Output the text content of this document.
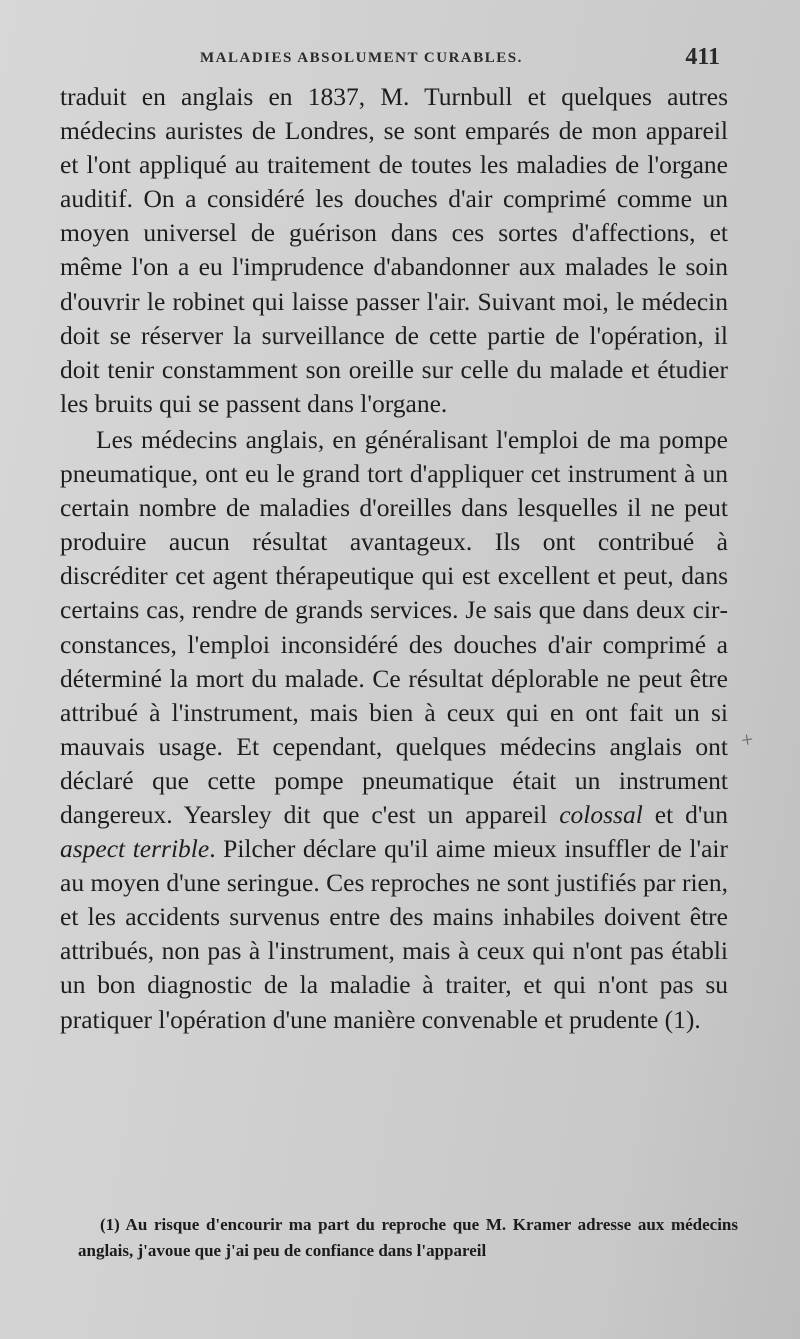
MALADIES ABSOLUMENT CURABLES.	411

traduit en anglais en 1837, M. Turnbull et quelques autres médecins auristes de Londres, se sont emparés de mon appareil et l'ont appliqué au traitement de toutes les maladies de l'organe auditif. On a considéré les douches d'air comprimé comme un moyen universel de guérison dans ces sortes d'affections, et même l'on a eu l'imprudence d'abandonner aux malades le soin d'ouvrir le robinet qui laisse passer l'air. Suivant moi, le médecin doit se réserver la surveillance de cette partie de l'opération, il doit tenir constamment son oreille sur celle du malade et étudier les bruits qui se passent dans l'organe.

Les médecins anglais, en généralisant l'emploi de ma pompe pneumatique, ont eu le grand tort d'appliquer cet instrument à un certain nombre de maladies d'oreilles dans lesquelles il ne peut produire aucun résultat avantageux. Ils ont contribué à discréditer cet agent thérapeutique qui est excellent et peut, dans certains cas, rendre de grands services. Je sais que dans deux circonstances, l'emploi inconsidéré des douches d'air comprimé a déterminé la mort du malade. Ce résultat déplorable ne peut être attribué à l'instrument, mais bien à ceux qui en ont fait un si mauvais usage. Et cependant, quelques médecins anglais ont déclaré que cette pompe pneumatique était un instrument dangereux. Yearsley dit que c'est un appareil colossal et d'un aspect terrible. Pilcher déclare qu'il aime mieux insuffler de l'air au moyen d'une seringue. Ces reproches ne sont justifiés par rien, et les accidents survenus entre des mains inhabiles doivent être attribués, non pas à l'instrument, mais à ceux qui n'ont pas établi un bon diagnostic de la maladie à traiter, et qui n'ont pas su pratiquer l'opération d'une manière convenable et prudente (1).

+

(1) Au risque d'encourir ma part du reproche que M. Kramer adresse aux médecins anglais, j'avoue que j'ai peu de confiance dans l'appareil
